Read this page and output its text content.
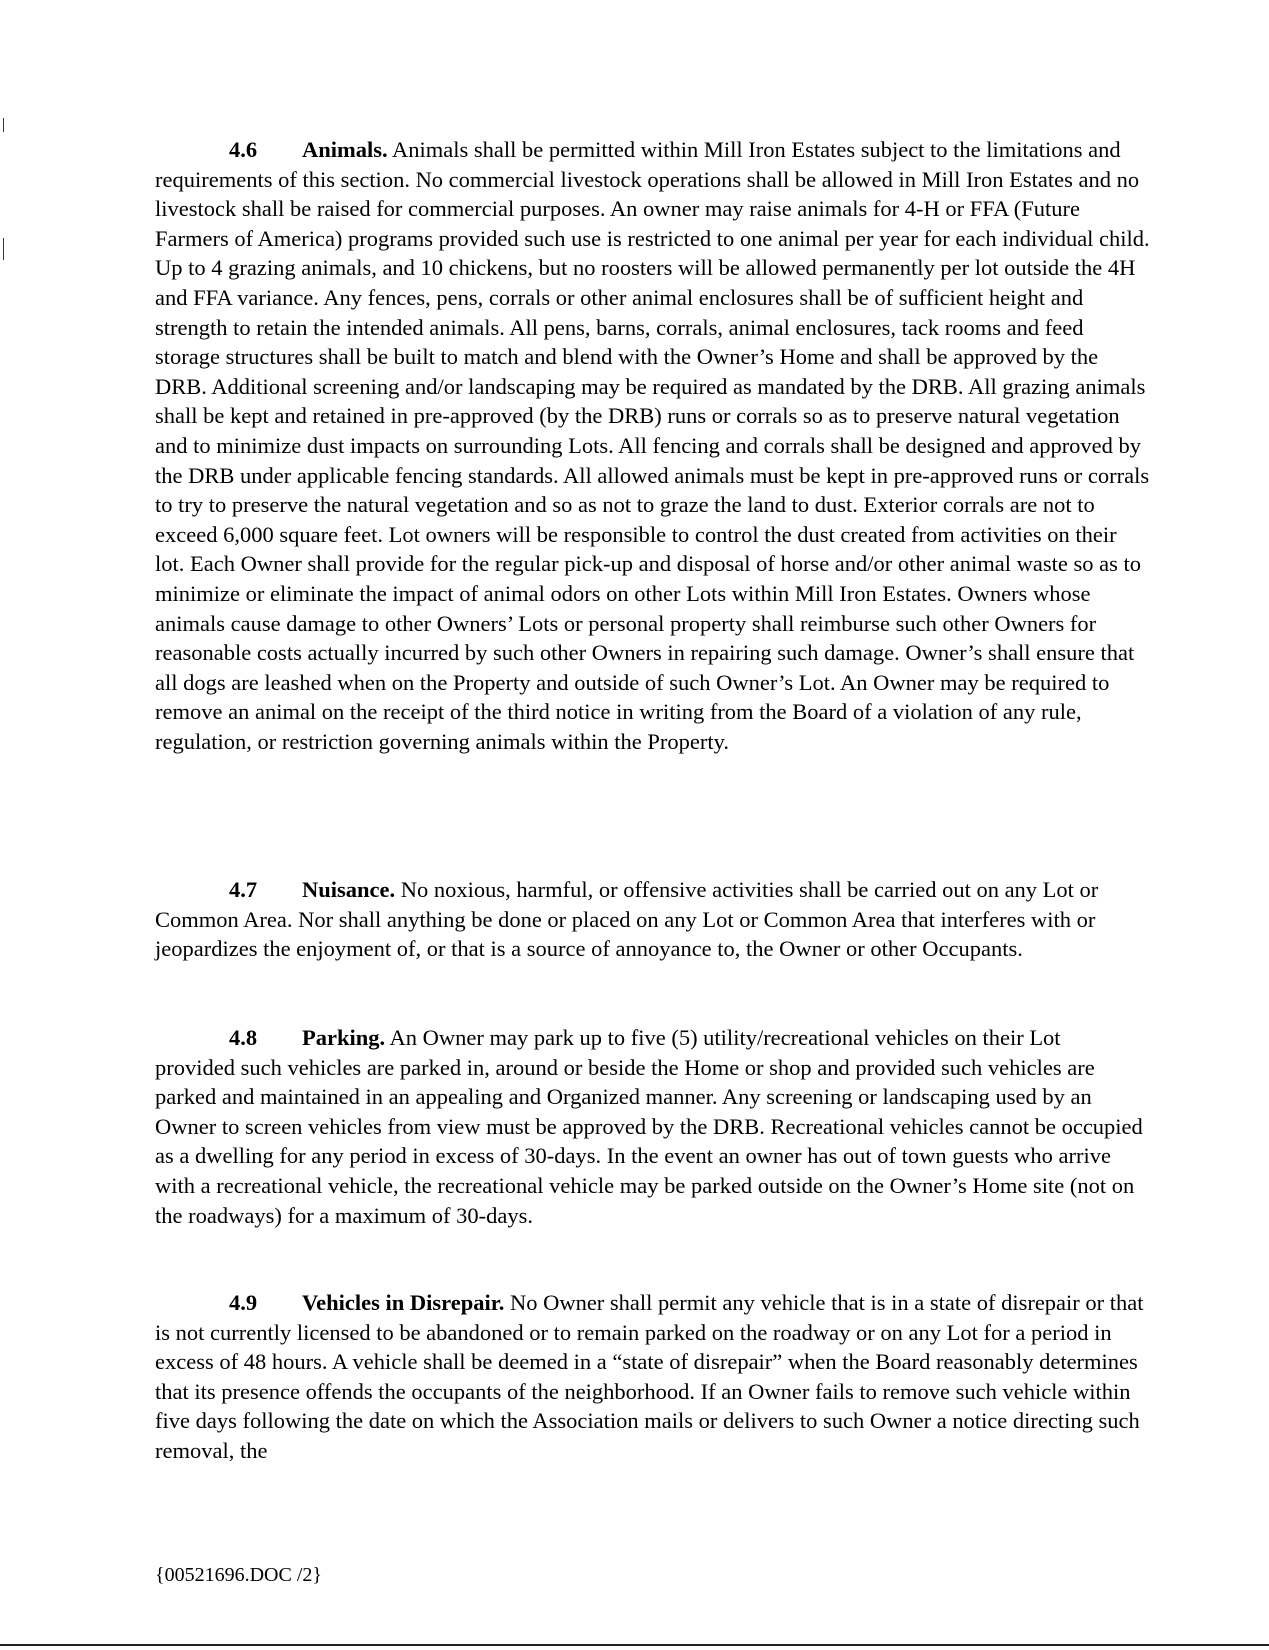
4.6 Animals. Animals shall be permitted within Mill Iron Estates subject to the limitations and requirements of this section. No commercial livestock operations shall be allowed in Mill Iron Estates and no livestock shall be raised for commercial purposes. An owner may raise animals for 4-H or FFA (Future Farmers of America) programs provided such use is restricted to one animal per year for each individual child. Up to 4 grazing animals, and 10 chickens, but no roosters will be allowed permanently per lot outside the 4H and FFA variance. Any fences, pens, corrals or other animal enclosures shall be of sufficient height and strength to retain the intended animals. All pens, barns, corrals, animal enclosures, tack rooms and feed storage structures shall be built to match and blend with the Owner’s Home and shall be approved by the DRB. Additional screening and/or landscaping may be required as mandated by the DRB. All grazing animals shall be kept and retained in pre-approved (by the DRB) runs or corrals so as to preserve natural vegetation and to minimize dust impacts on surrounding Lots. All fencing and corrals shall be designed and approved by the DRB under applicable fencing standards. All allowed animals must be kept in pre-approved runs or corrals to try to preserve the natural vegetation and so as not to graze the land to dust. Exterior corrals are not to exceed 6,000 square feet. Lot owners will be responsible to control the dust created from activities on their lot. Each Owner shall provide for the regular pick-up and disposal of horse and/or other animal waste so as to minimize or eliminate the impact of animal odors on other Lots within Mill Iron Estates. Owners whose animals cause damage to other Owners’ Lots or personal property shall reimburse such other Owners for reasonable costs actually incurred by such other Owners in repairing such damage. Owner’s shall ensure that all dogs are leashed when on the Property and outside of such Owner’s Lot. An Owner may be required to remove an animal on the receipt of the third notice in writing from the Board of a violation of any rule, regulation, or restriction governing animals within the Property.

4.7 Nuisance. No noxious, harmful, or offensive activities shall be carried out on any Lot or Common Area. Nor shall anything be done or placed on any Lot or Common Area that interferes with or jeopardizes the enjoyment of, or that is a source of annoyance to, the Owner or other Occupants.

4.8 Parking. An Owner may park up to five (5) utility/recreational vehicles on their Lot provided such vehicles are parked in, around or beside the Home or shop and provided such vehicles are parked and maintained in an appealing and Organized manner. Any screening or landscaping used by an Owner to screen vehicles from view must be approved by the DRB. Recreational vehicles cannot be occupied as a dwelling for any period in excess of 30-days. In the event an owner has out of town guests who arrive with a recreational vehicle, the recreational vehicle may be parked outside on the Owner’s Home site (not on the roadways) for a maximum of 30-days.

4.9 Vehicles in Disrepair. No Owner shall permit any vehicle that is in a state of disrepair or that is not currently licensed to be abandoned or to remain parked on the roadway or on any Lot for a period in excess of 48 hours. A vehicle shall be deemed in a “state of disrepair” when the Board reasonably determines that its presence offends the occupants of the neighborhood. If an Owner fails to remove such vehicle within five days following the date on which the Association mails or delivers to such Owner a notice directing such removal, the

{00521696.DOC /2}
